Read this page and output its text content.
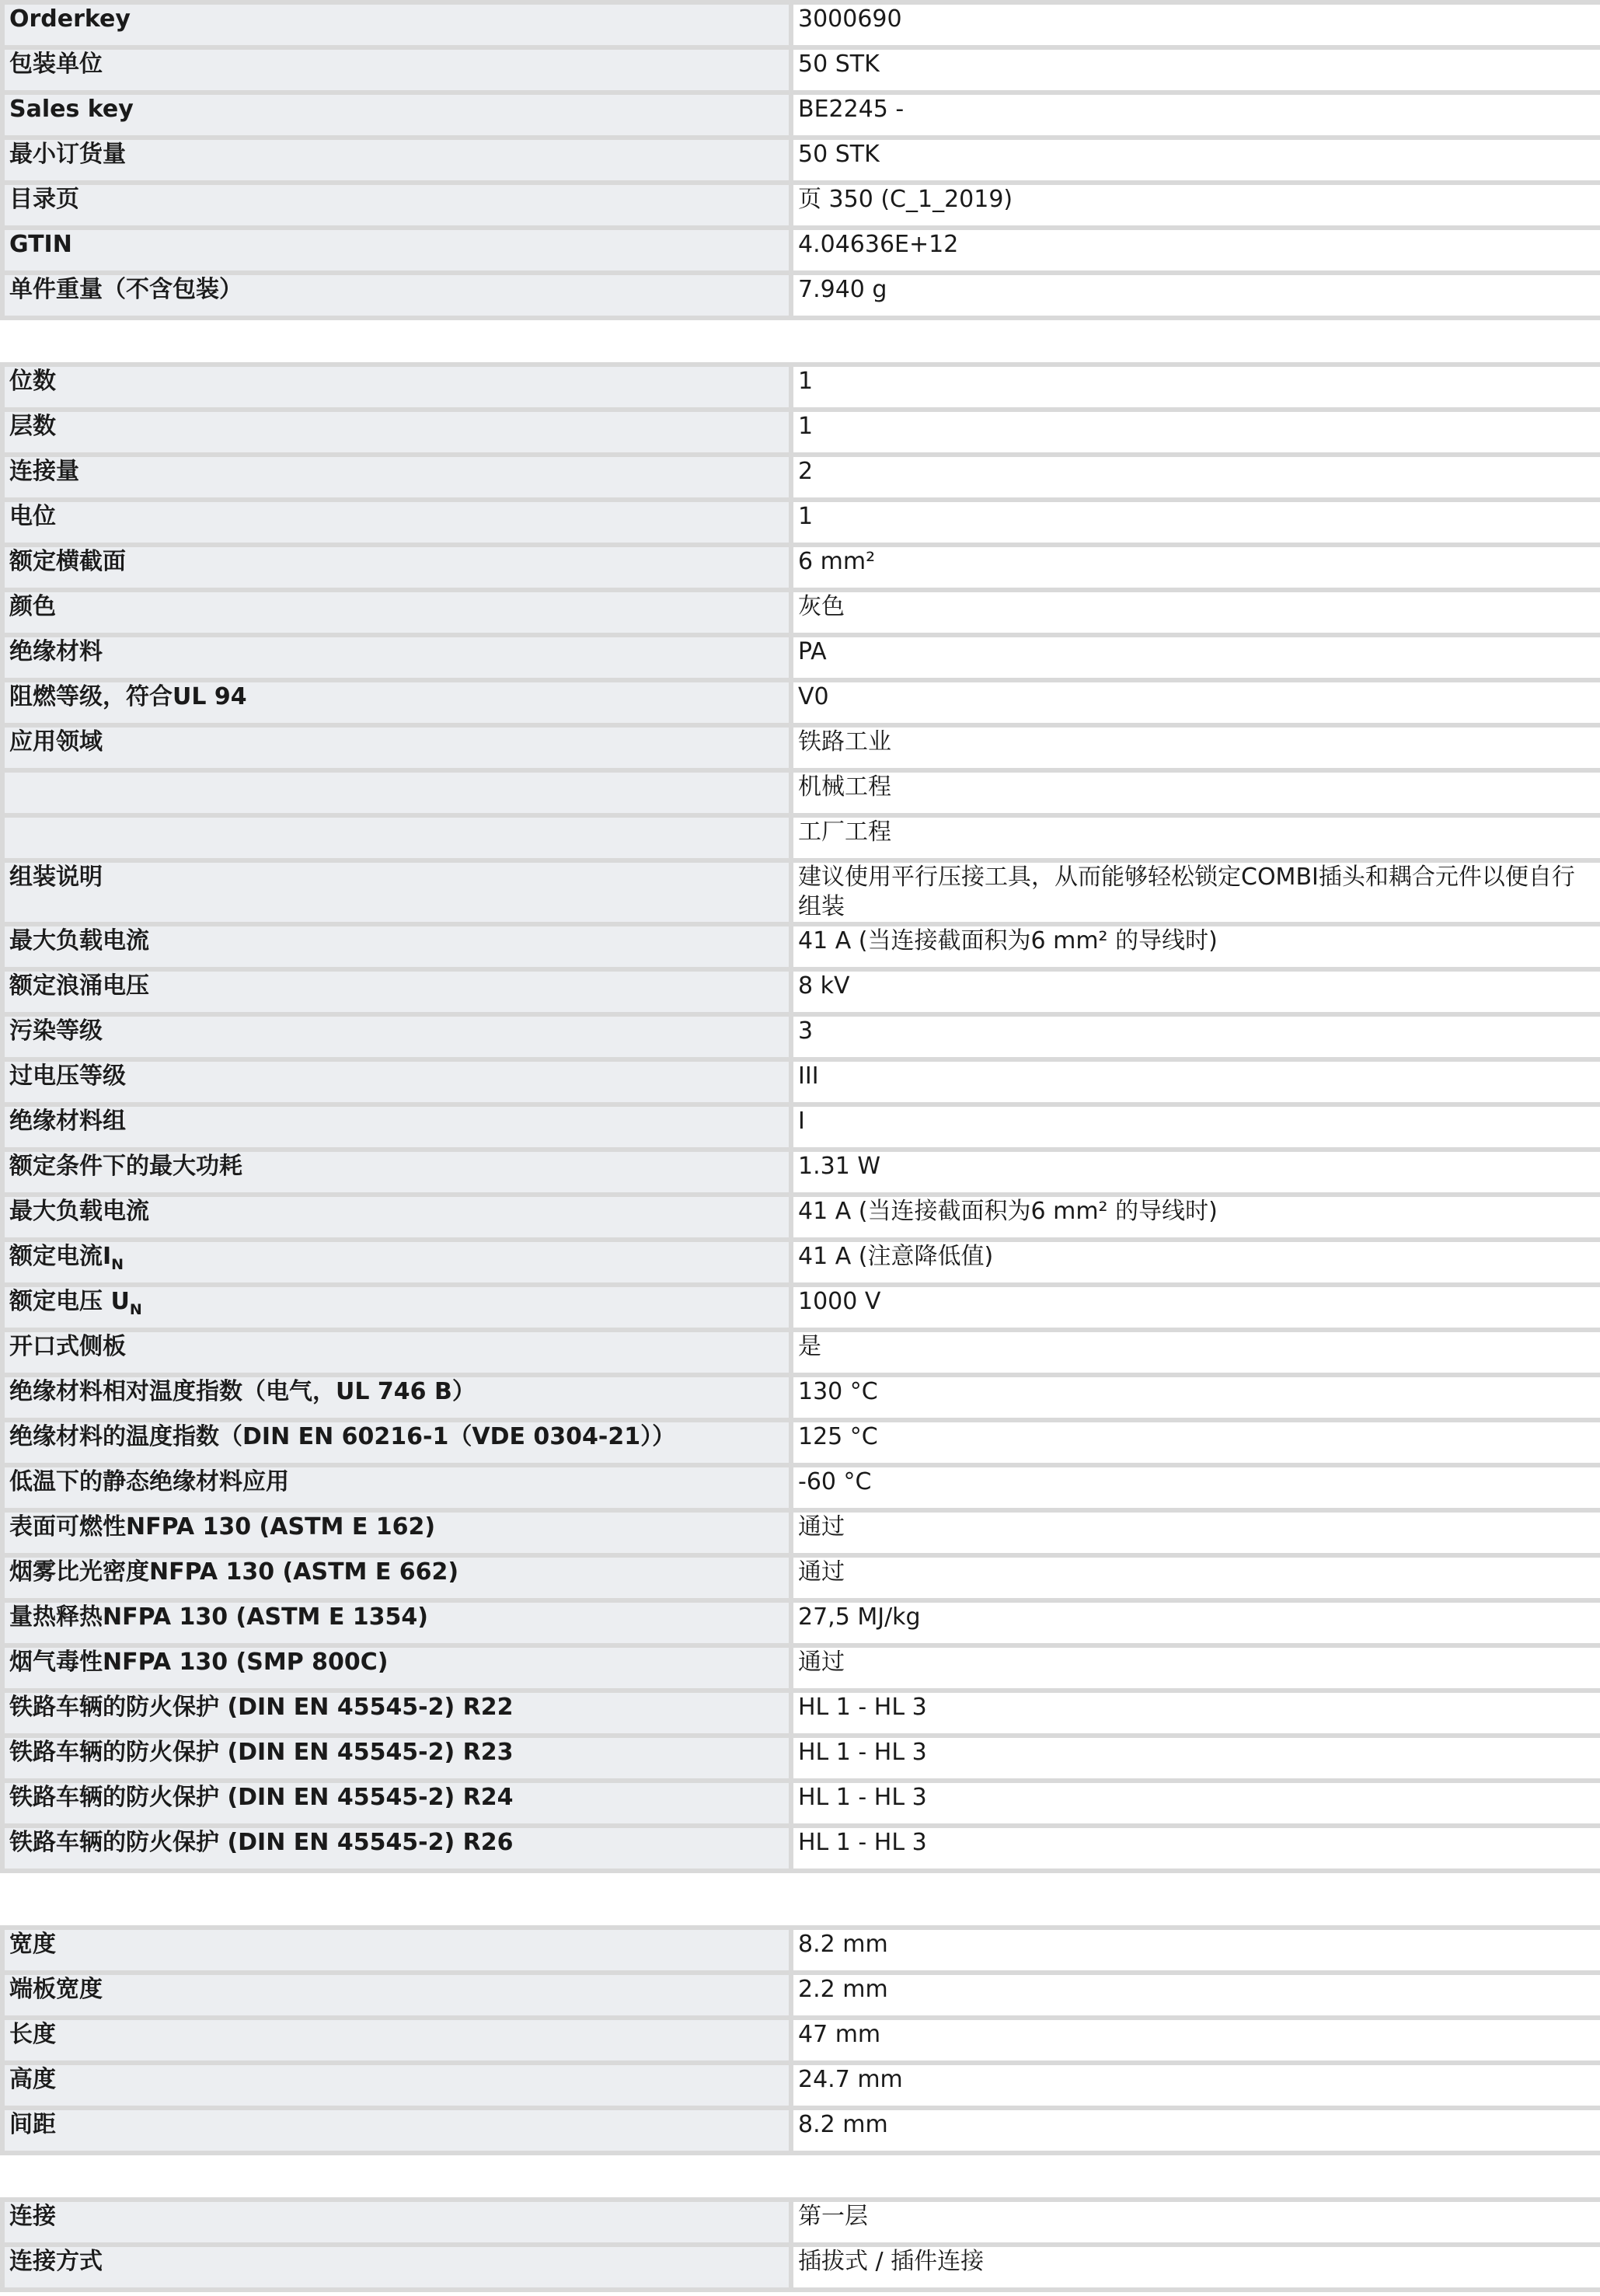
Orderkey	3000690
包装单位	50 STK
Sales key	BE2245 -
最小订货量	50 STK
目录页	页 350 (C_1_2019)
GTIN	4.04636E+12
单件重量（不含包装）	7.940 g
位数	1
层数	1
连接量	2
电位	1
额定横截面	6 mm²
颜色	灰色
绝缘材料	PA
阻燃等级，符合UL 94	V0
应用领域	铁路工业
	机械工程
	工厂工程
组装说明	建议使用平行压接工具，从而能够轻松锁定COMBI插头和耦合元件以便自行组装
最大负载电流	41 A (当连接截面积为6 mm² 的导线时)
额定浪涌电压	8 kV
污染等级	3
过电压等级	III
绝缘材料组	I
额定条件下的最大功耗	1.31 W
最大负载电流	41 A (当连接截面积为6 mm² 的导线时)
额定电流$I_N$	41 A (注意降低值)
额定电压 $U_N$	1000 V
开口式侧板	是
绝缘材料相对温度指数（电气，UL 746 B）	130 °C
绝缘材料的温度指数（DIN EN 60216-1（VDE 0304-21））	125 °C
低温下的静态绝缘材料应用	-60 °C
表面可燃性NFPA 130 (ASTM E 162)	通过
烟雾比光密度NFPA 130 (ASTM E 662)	通过
量热释热NFPA 130 (ASTM E 1354)	27,5 MJ/kg
烟气毒性NFPA 130 (SMP 800C)	通过
铁路车辆的防火保护 (DIN EN 45545-2) R22	HL 1 - HL 3
铁路车辆的防火保护 (DIN EN 45545-2) R23	HL 1 - HL 3
铁路车辆的防火保护 (DIN EN 45545-2) R24	HL 1 - HL 3
铁路车辆的防火保护 (DIN EN 45545-2) R26	HL 1 - HL 3
宽度	8.2 mm
端板宽度	2.2 mm
长度	47 mm
高度	24.7 mm
间距	8.2 mm
连接	第一层
连接方式	插拔式 / 插件连接
